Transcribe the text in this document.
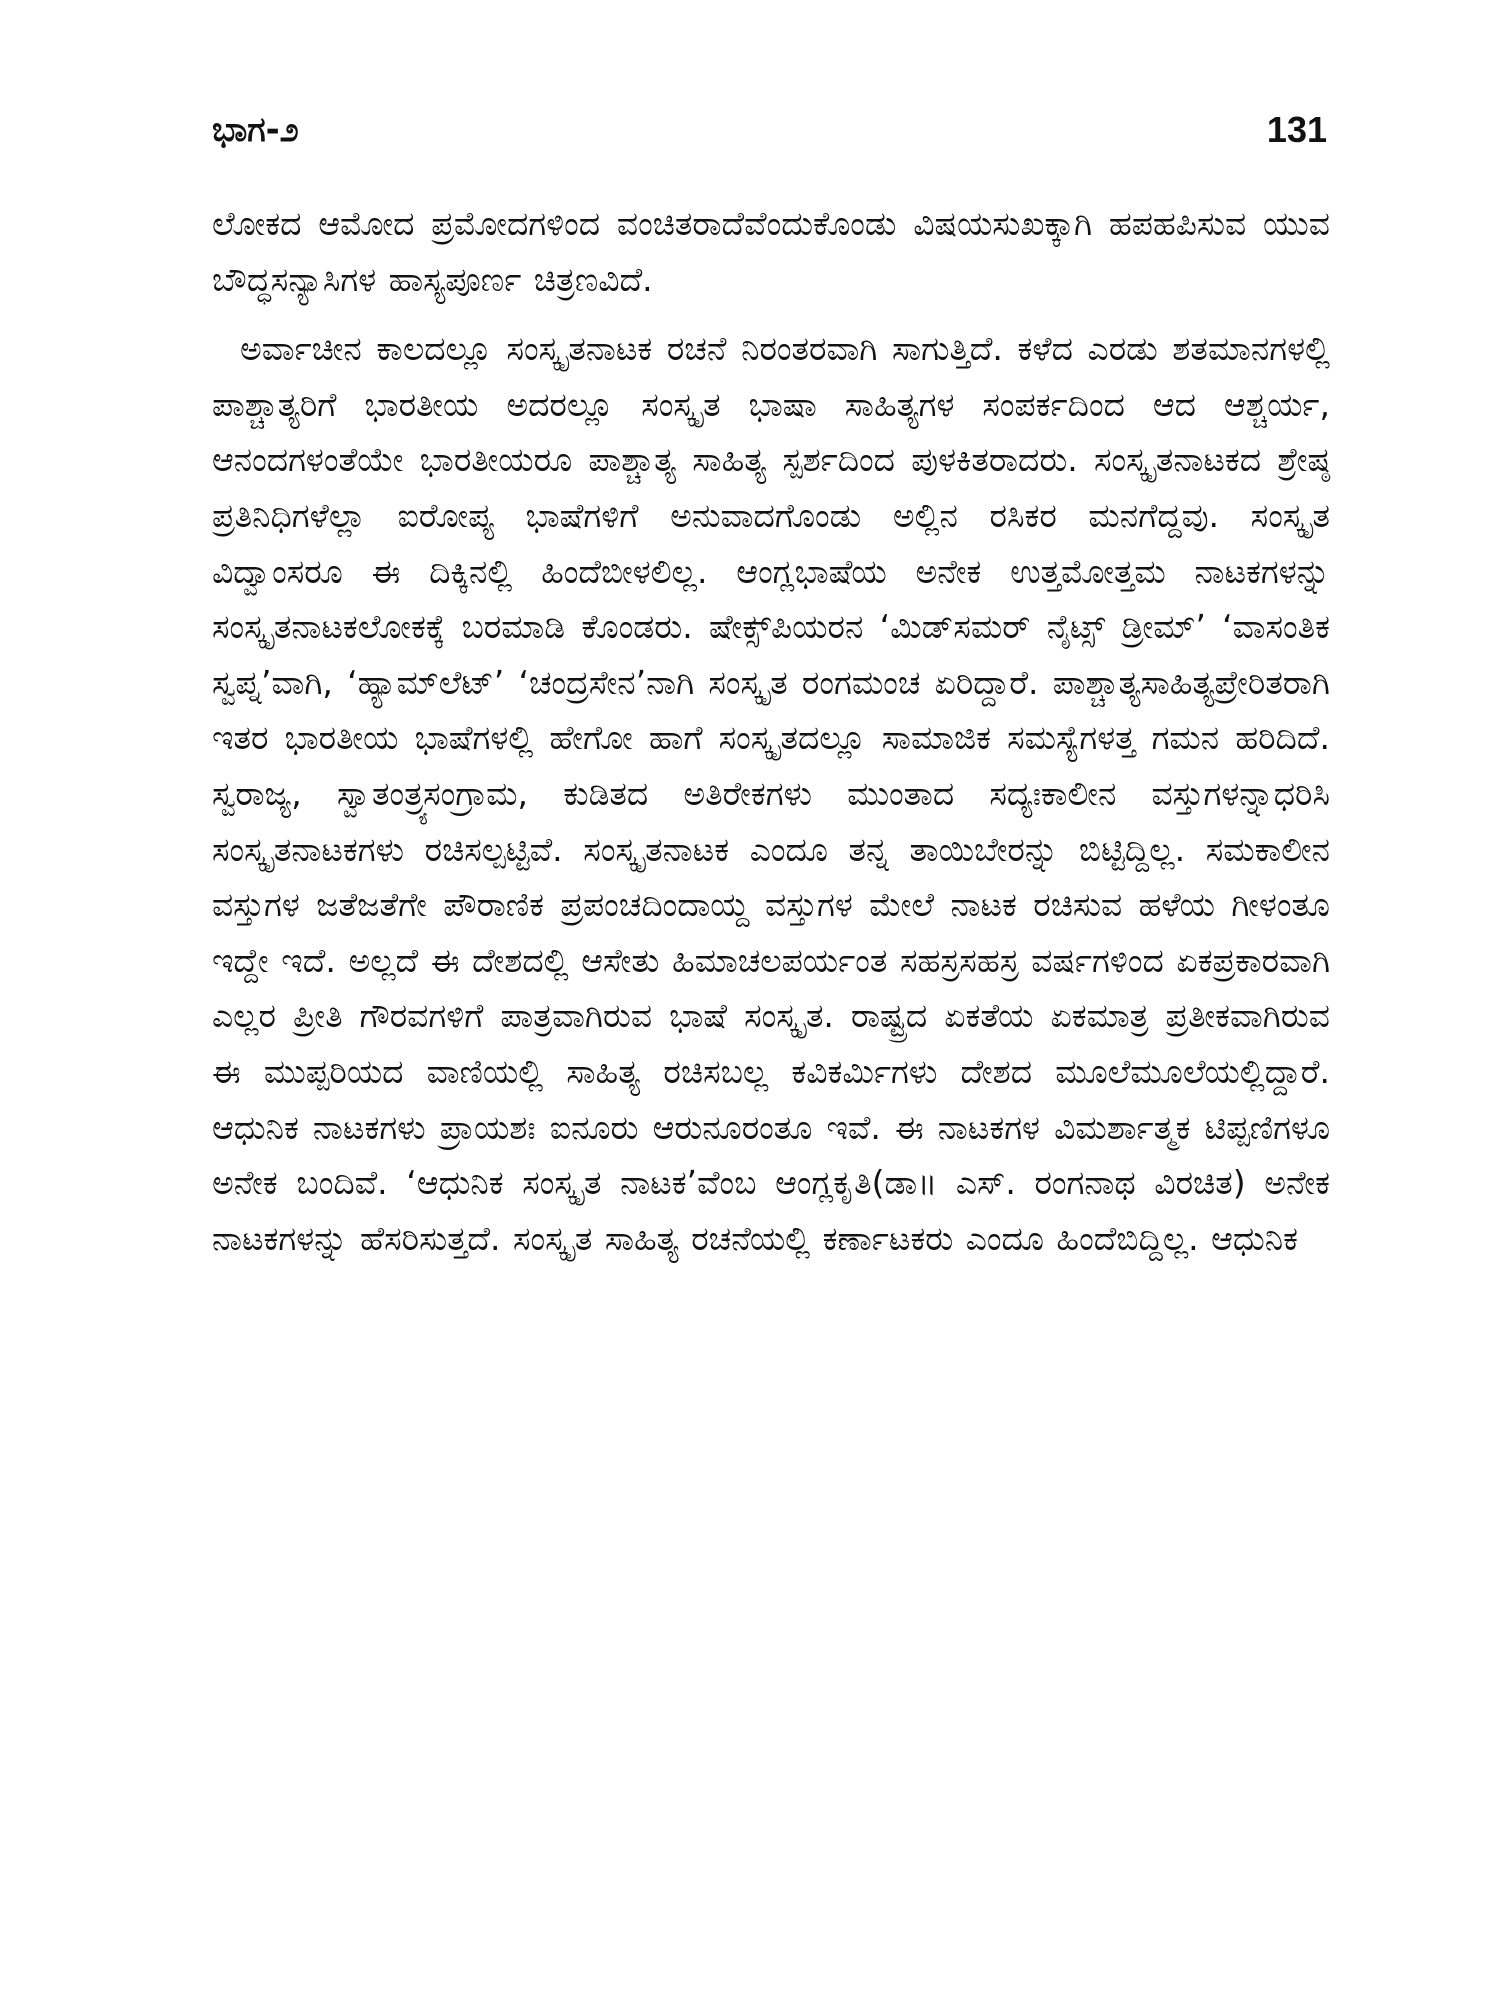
ಭಾಗ-೨	131

ಲೋಕದ ಆಮೋದ ಪ್ರಮೋದಗಳಿಂದ ವಂಚಿತರಾದೆವೆಂದುಕೊಂಡು ವಿಷಯಸುಖಕ್ಕಾಗಿ ಹಪಹಪಿಸುವ ಯುವ ಬೌದ್ಧಸನ್ಯಾಸಿಗಳ ಹಾಸ್ಯಪೂರ್ಣ ಚಿತ್ರಣವಿದೆ.

ಅರ್ವಾಚೀನ ಕಾಲದಲ್ಲೂ ಸಂಸ್ಕೃತನಾಟಕ ರಚನೆ ನಿರಂತರವಾಗಿ ಸಾಗುತ್ತಿದೆ. ಕಳೆದ ಎರಡು ಶತಮಾನಗಳಲ್ಲಿ ಪಾಶ್ಚಾತ್ಯರಿಗೆ ಭಾರತೀಯ ಅದರಲ್ಲೂ ಸಂಸ್ಕೃತ ಭಾಷಾ ಸಾಹಿತ್ಯಗಳ ಸಂಪರ್ಕದಿಂದ ಆದ ಆಶ್ಚರ್ಯ, ಆನಂದಗಳಂತೆಯೇ ಭಾರತೀಯರೂ ಪಾಶ್ಚಾತ್ಯ ಸಾಹಿತ್ಯ ಸ್ಪರ್ಶದಿಂದ ಪುಳಕಿತರಾದರು. ಸಂಸ್ಕೃತನಾಟಕದ ಶ್ರೇಷ್ಠ ಪ್ರತಿನಿಧಿಗಳೆಲ್ಲಾ ಐರೋಪ್ಯ ಭಾಷೆಗಳಿಗೆ ಅನುವಾದಗೊಂಡು ಅಲ್ಲಿನ ರಸಿಕರ ಮನಗೆದ್ದವು. ಸಂಸ್ಕೃತ ವಿದ್ವಾಂಸರೂ ಈ ದಿಕ್ಕಿನಲ್ಲಿ ಹಿಂದೆಬೀಳಲಿಲ್ಲ. ಆಂಗ್ಲಭಾಷೆಯ ಅನೇಕ ಉತ್ತಮೋತ್ತಮ ನಾಟಕಗಳನ್ನು ಸಂಸ್ಕೃತನಾಟಕಲೋಕಕ್ಕೆ ಬರಮಾಡಿ ಕೊಂಡರು. ಷೇಕ್ಸ್‌ಪಿಯರನ ‘ಮಿಡ್‌ಸಮರ್ ನೈಟ್ಸ್ ಡ್ರೀಮ್’ ‘ವಾಸಂತಿಕ ಸ್ವಪ್ನ’ವಾಗಿ, ‘ಹ್ಯಾಮ್‌ಲೆಟ್’ ‘ಚಂದ್ರಸೇನ’ನಾಗಿ ಸಂಸ್ಕೃತ ರಂಗಮಂಚ ಏರಿದ್ದಾರೆ. ಪಾಶ್ಚಾತ್ಯಸಾಹಿತ್ಯಪ್ರೇರಿತರಾಗಿ ಇತರ ಭಾರತೀಯ ಭಾಷೆಗಳಲ್ಲಿ ಹೇಗೋ ಹಾಗೆ ಸಂಸ್ಕೃತದಲ್ಲೂ ಸಾಮಾಜಿಕ ಸಮಸ್ಯೆಗಳತ್ತ ಗಮನ ಹರಿದಿದೆ. ಸ್ವರಾಜ್ಯ, ಸ್ವಾತಂತ್ರ್ಯಸಂಗ್ರಾಮ, ಕುಡಿತದ ಅತಿರೇಕಗಳು ಮುಂತಾದ ಸದ್ಯಃಕಾಲೀನ ವಸ್ತುಗಳನ್ನಾಧರಿಸಿ ಸಂಸ್ಕೃತನಾಟಕಗಳು ರಚಿಸಲ್ಪಟ್ಟಿವೆ. ಸಂಸ್ಕೃತನಾಟಕ ಎಂದೂ ತನ್ನ ತಾಯಿಬೇರನ್ನು ಬಿಟ್ಟಿದ್ದಿಲ್ಲ. ಸಮಕಾಲೀನ ವಸ್ತುಗಳ ಜತೆಜತೆಗೇ ಪೌರಾಣಿಕ ಪ್ರಪಂಚದಿಂದಾಯ್ದ ವಸ್ತುಗಳ ಮೇಲೆ ನಾಟಕ ರಚಿಸುವ ಹಳೆಯ ಗೀಳಂತೂ ಇದ್ದೇ ಇದೆ. ಅಲ್ಲದೆ ಈ ದೇಶದಲ್ಲಿ ಆಸೇತು ಹಿಮಾಚಲಪರ್ಯಂತ ಸಹಸ್ರಸಹಸ್ರ ವರ್ಷಗಳಿಂದ ಏಕಪ್ರಕಾರವಾಗಿ ಎಲ್ಲರ ಪ್ರೀತಿ ಗೌರವಗಳಿಗೆ ಪಾತ್ರವಾಗಿರುವ ಭಾಷೆ ಸಂಸ್ಕೃತ. ರಾಷ್ಟ್ರದ ಏಕತೆಯ ಏಕಮಾತ್ರ ಪ್ರತೀಕವಾಗಿರುವ ಈ ಮುಪ್ಪರಿಯದ ವಾಣಿಯಲ್ಲಿ ಸಾಹಿತ್ಯ ರಚಿಸಬಲ್ಲ ಕವಿಕರ್ಮಿಗಳು ದೇಶದ ಮೂಲೆಮೂಲೆಯಲ್ಲಿದ್ದಾರೆ. ಆಧುನಿಕ ನಾಟಕಗಳು ಪ್ರಾಯಶಃ ಐನೂರು ಆರುನೂರಂತೂ ಇವೆ. ಈ ನಾಟಕಗಳ ವಿಮರ್ಶಾತ್ಮಕ ಟಿಪ್ಪಣಿಗಳೂ ಅನೇಕ ಬಂದಿವೆ. ‘ಆಧುನಿಕ ಸಂಸ್ಕೃತ ನಾಟಕ’ವೆಂಬ ಆಂಗ್ಲಕೃತಿ(ಡಾ॥ ಎಸ್. ರಂಗನಾಥ ವಿರಚಿತ) ಅನೇಕ ನಾಟಕಗಳನ್ನು ಹೆಸರಿಸುತ್ತದೆ. ಸಂಸ್ಕೃತ ಸಾಹಿತ್ಯ ರಚನೆಯಲ್ಲಿ ಕರ್ಣಾಟಕರು ಎಂದೂ ಹಿಂದೆಬಿದ್ದಿಲ್ಲ. ಆಧುನಿಕ
